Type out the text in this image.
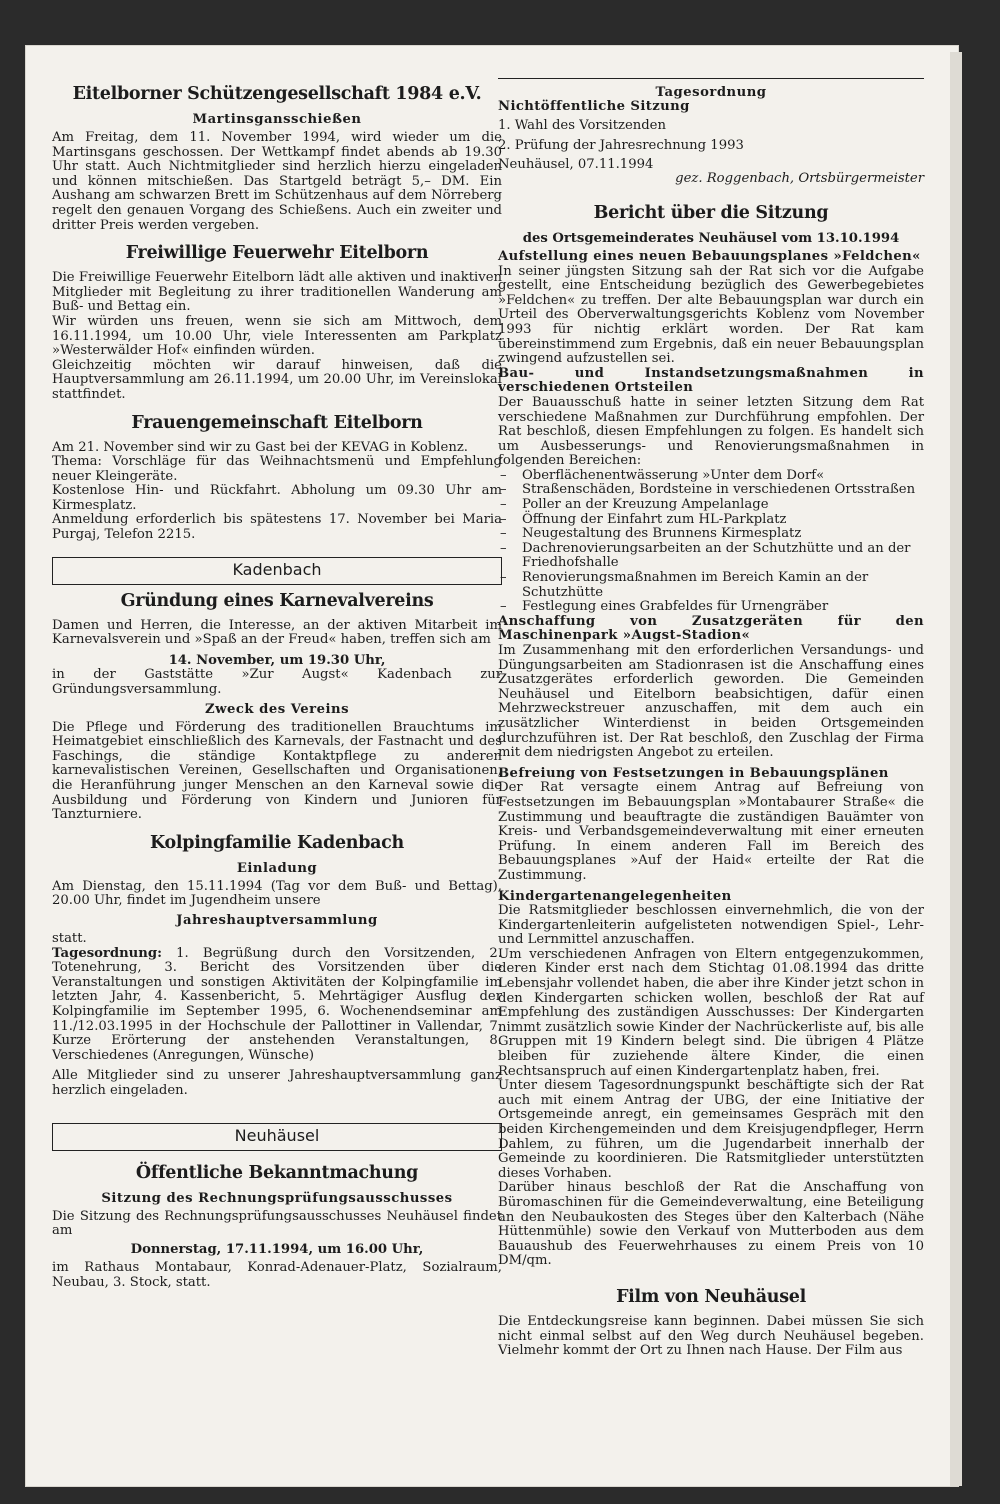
Eitelborner Schützengesellschaft 1984 e.V.
Martinsgansschießen

Am Freitag, dem 11. November 1994, wird wieder um die Martinsgans geschossen. Der Wettkampf findet abends ab 19.30 Uhr statt. Auch Nichtmitglieder sind herzlich hierzu eingeladen und können mitschießen. Das Startgeld beträgt 5,– DM. Ein Aushang am schwarzen Brett im Schützenhaus auf dem Nörreberg regelt den genauen Vorgang des Schießens. Auch ein zweiter und dritter Preis werden vergeben.

Freiwillige Feuerwehr Eitelborn

Die Freiwillige Feuerwehr Eitelborn lädt alle aktiven und inaktiven Mitglieder mit Begleitung zu ihrer traditionellen Wanderung am Buß- und Bettag ein.

Wir würden uns freuen, wenn sie sich am Mittwoch, dem 16.11.1994, um 10.00 Uhr, viele Interessenten am Parkplatz »Westerwälder Hof« einfinden würden.

Gleichzeitig möchten wir darauf hinweisen, daß die Hauptversammlung am 26.11.1994, um 20.00 Uhr, im Vereinslokal stattfindet.

Frauengemeinschaft Eitelborn

Am 21. November sind wir zu Gast bei der KEVAG in Koblenz.

Thema: Vorschläge für das Weihnachtsmenü und Empfehlung neuer Kleingeräte.

Kostenlose Hin- und Rückfahrt. Abholung um 09.30 Uhr am Kirmesplatz.

Anmeldung erforderlich bis spätestens 17. November bei Maria Purgaj, Telefon 2215.

Kadenbach
Gründung eines Karnevalvereins

Damen und Herren, die Interesse, an der aktiven Mitarbeit im Karnevalsverein und »Spaß an der Freud« haben, treffen sich am

14. November, um 19.30 Uhr,

in der Gaststätte »Zur Augst« Kadenbach zur Gründungsversammlung.

Zweck des Vereins

Die Pflege und Förderung des traditionellen Brauchtums im Heimatgebiet einschließlich des Karnevals, der Fastnacht und des Faschings, die ständige Kontaktpflege zu anderen karnevalistischen Vereinen, Gesellschaften und Organisationen, die Heranführung junger Menschen an den Karneval sowie die Ausbildung und Förderung von Kindern und Junioren für Tanzturniere.

Kolpingfamilie Kadenbach
Einladung

Am Dienstag, den 15.11.1994 (Tag vor dem Buß- und Bettag), 20.00 Uhr, findet im Jugendheim unsere

Jahreshauptversammlung

statt.

Tagesordnung: 1. Begrüßung durch den Vorsitzenden, 2. Totenehrung, 3. Bericht des Vorsitzenden über die Veranstaltungen und sonstigen Aktivitäten der Kolpingfamilie im letzten Jahr, 4. Kassenbericht, 5. Mehrtägiger Ausflug der Kolpingfamilie im September 1995, 6. Wochenendseminar am 11./12.03.1995 in der Hochschule der Pallottiner in Vallendar, 7. Kurze Erörterung der anstehenden Veranstaltungen, 8. Verschiedenes (Anregungen, Wünsche)

Alle Mitglieder sind zu unserer Jahreshauptversammlung ganz herzlich eingeladen.

Neuhäusel
Öffentliche Bekanntmachung
Sitzung des Rechnungsprüfungsausschusses

Die Sitzung des Rechnungsprüfungsausschusses Neuhäusel findet am

Donnerstag, 17.11.1994, um 16.00 Uhr,

im Rathaus Montabaur, Konrad-Adenauer-Platz, Sozialraum, Neubau, 3. Stock, statt.

Tagesordnung

Nichtöffentliche Sitzung

1. Wahl des Vorsitzenden

2. Prüfung der Jahresrechnung 1993

Neuhäusel, 07.11.1994

gez. Roggenbach, Ortsbürgermeister

Bericht über die Sitzung
des Ortsgemeinderates Neuhäusel vom 13.10.1994

Aufstellung eines neuen Bebauungsplanes »Feldchen«

In seiner jüngsten Sitzung sah der Rat sich vor die Aufgabe gestellt, eine Entscheidung bezüglich des Gewerbegebietes »Feldchen« zu treffen. Der alte Bebauungsplan war durch ein Urteil des Oberverwaltungsgerichts Koblenz vom November 1993 für nichtig erklärt worden. Der Rat kam übereinstimmend zum Ergebnis, daß ein neuer Bebauungsplan zwingend aufzustellen sei.

Bau- und Instandsetzungsmaßnahmen in verschiedenen Ortsteilen

Der Bauausschuß hatte in seiner letzten Sitzung dem Rat verschiedene Maßnahmen zur Durchführung empfohlen. Der Rat beschloß, diesen Empfehlungen zu folgen. Es handelt sich um Ausbesserungs- und Renovierungsmaßnahmen in folgenden Bereichen:

– Oberflächenentwässerung »Unter dem Dorf«
– Straßenschäden, Bordsteine in verschiedenen Ortsstraßen
– Poller an der Kreuzung Ampelanlage
– Öffnung der Einfahrt zum HL-Parkplatz
– Neugestaltung des Brunnens Kirmesplatz
– Dachrenovierungsarbeiten an der Schutzhütte und an der Friedhofshalle
– Renovierungsmaßnahmen im Bereich Kamin an der Schutzhütte
– Festlegung eines Grabfeldes für Urnengräber

Anschaffung von Zusatzgeräten für den Maschinenpark »Augst-Stadion«

Im Zusammenhang mit den erforderlichen Versandungs- und Düngungsarbeiten am Stadionrasen ist die Anschaffung eines Zusatzgerätes erforderlich geworden. Die Gemeinden Neuhäusel und Eitelborn beabsichtigen, dafür einen Mehrzweckstreuer anzuschaffen, mit dem auch ein zusätzlicher Winterdienst in beiden Ortsgemeinden durchzuführen ist. Der Rat beschloß, den Zuschlag der Firma mit dem niedrigsten Angebot zu erteilen.

Befreiung von Festsetzungen in Bebauungsplänen

Der Rat versagte einem Antrag auf Befreiung von Festsetzungen im Bebauungsplan »Montabaurer Straße« die Zustimmung und beauftragte die zuständigen Bauämter von Kreis- und Verbandsgemeindeverwaltung mit einer erneuten Prüfung. In einem anderen Fall im Bereich des Bebauungsplanes »Auf der Haid« erteilte der Rat die Zustimmung.

Kindergartenangelegenheiten

Die Ratsmitglieder beschlossen einvernehmlich, die von der Kindergartenleiterin aufgelisteten notwendigen Spiel-, Lehr- und Lernmittel anzuschaffen.

Um verschiedenen Anfragen von Eltern entgegenzukommen, deren Kinder erst nach dem Stichtag 01.08.1994 das dritte Lebensjahr vollendet haben, die aber ihre Kinder jetzt schon in den Kindergarten schicken wollen, beschloß der Rat auf Empfehlung des zuständigen Ausschusses: Der Kindergarten nimmt zusätzlich sowie Kinder der Nachrückerliste auf, bis alle Gruppen mit 19 Kindern belegt sind. Die übrigen 4 Plätze bleiben für zuziehende ältere Kinder, die einen Rechtsanspruch auf einen Kindergartenplatz haben, frei.

Unter diesem Tagesordnungspunkt beschäftigte sich der Rat auch mit einem Antrag der UBG, der eine Initiative der Ortsgemeinde anregt, ein gemeinsames Gespräch mit den beiden Kirchengemeinden und dem Kreisjugendpfleger, Herrn Dahlem, zu führen, um die Jugendarbeit innerhalb der Gemeinde zu koordinieren. Die Ratsmitglieder unterstützten dieses Vorhaben.

Darüber hinaus beschloß der Rat die Anschaffung von Büromaschinen für die Gemeindeverwaltung, eine Beteiligung an den Neubaukosten des Steges über den Kalterbach (Nähe Hüttenmühle) sowie den Verkauf von Mutterboden aus dem Bauaushub des Feuerwehrhauses zu einem Preis von 10 DM/qm.

Film von Neuhäusel

Die Entdeckungsreise kann beginnen. Dabei müssen Sie sich nicht einmal selbst auf den Weg durch Neuhäusel begeben. Vielmehr kommt der Ort zu Ihnen nach Hause. Der Film aus
